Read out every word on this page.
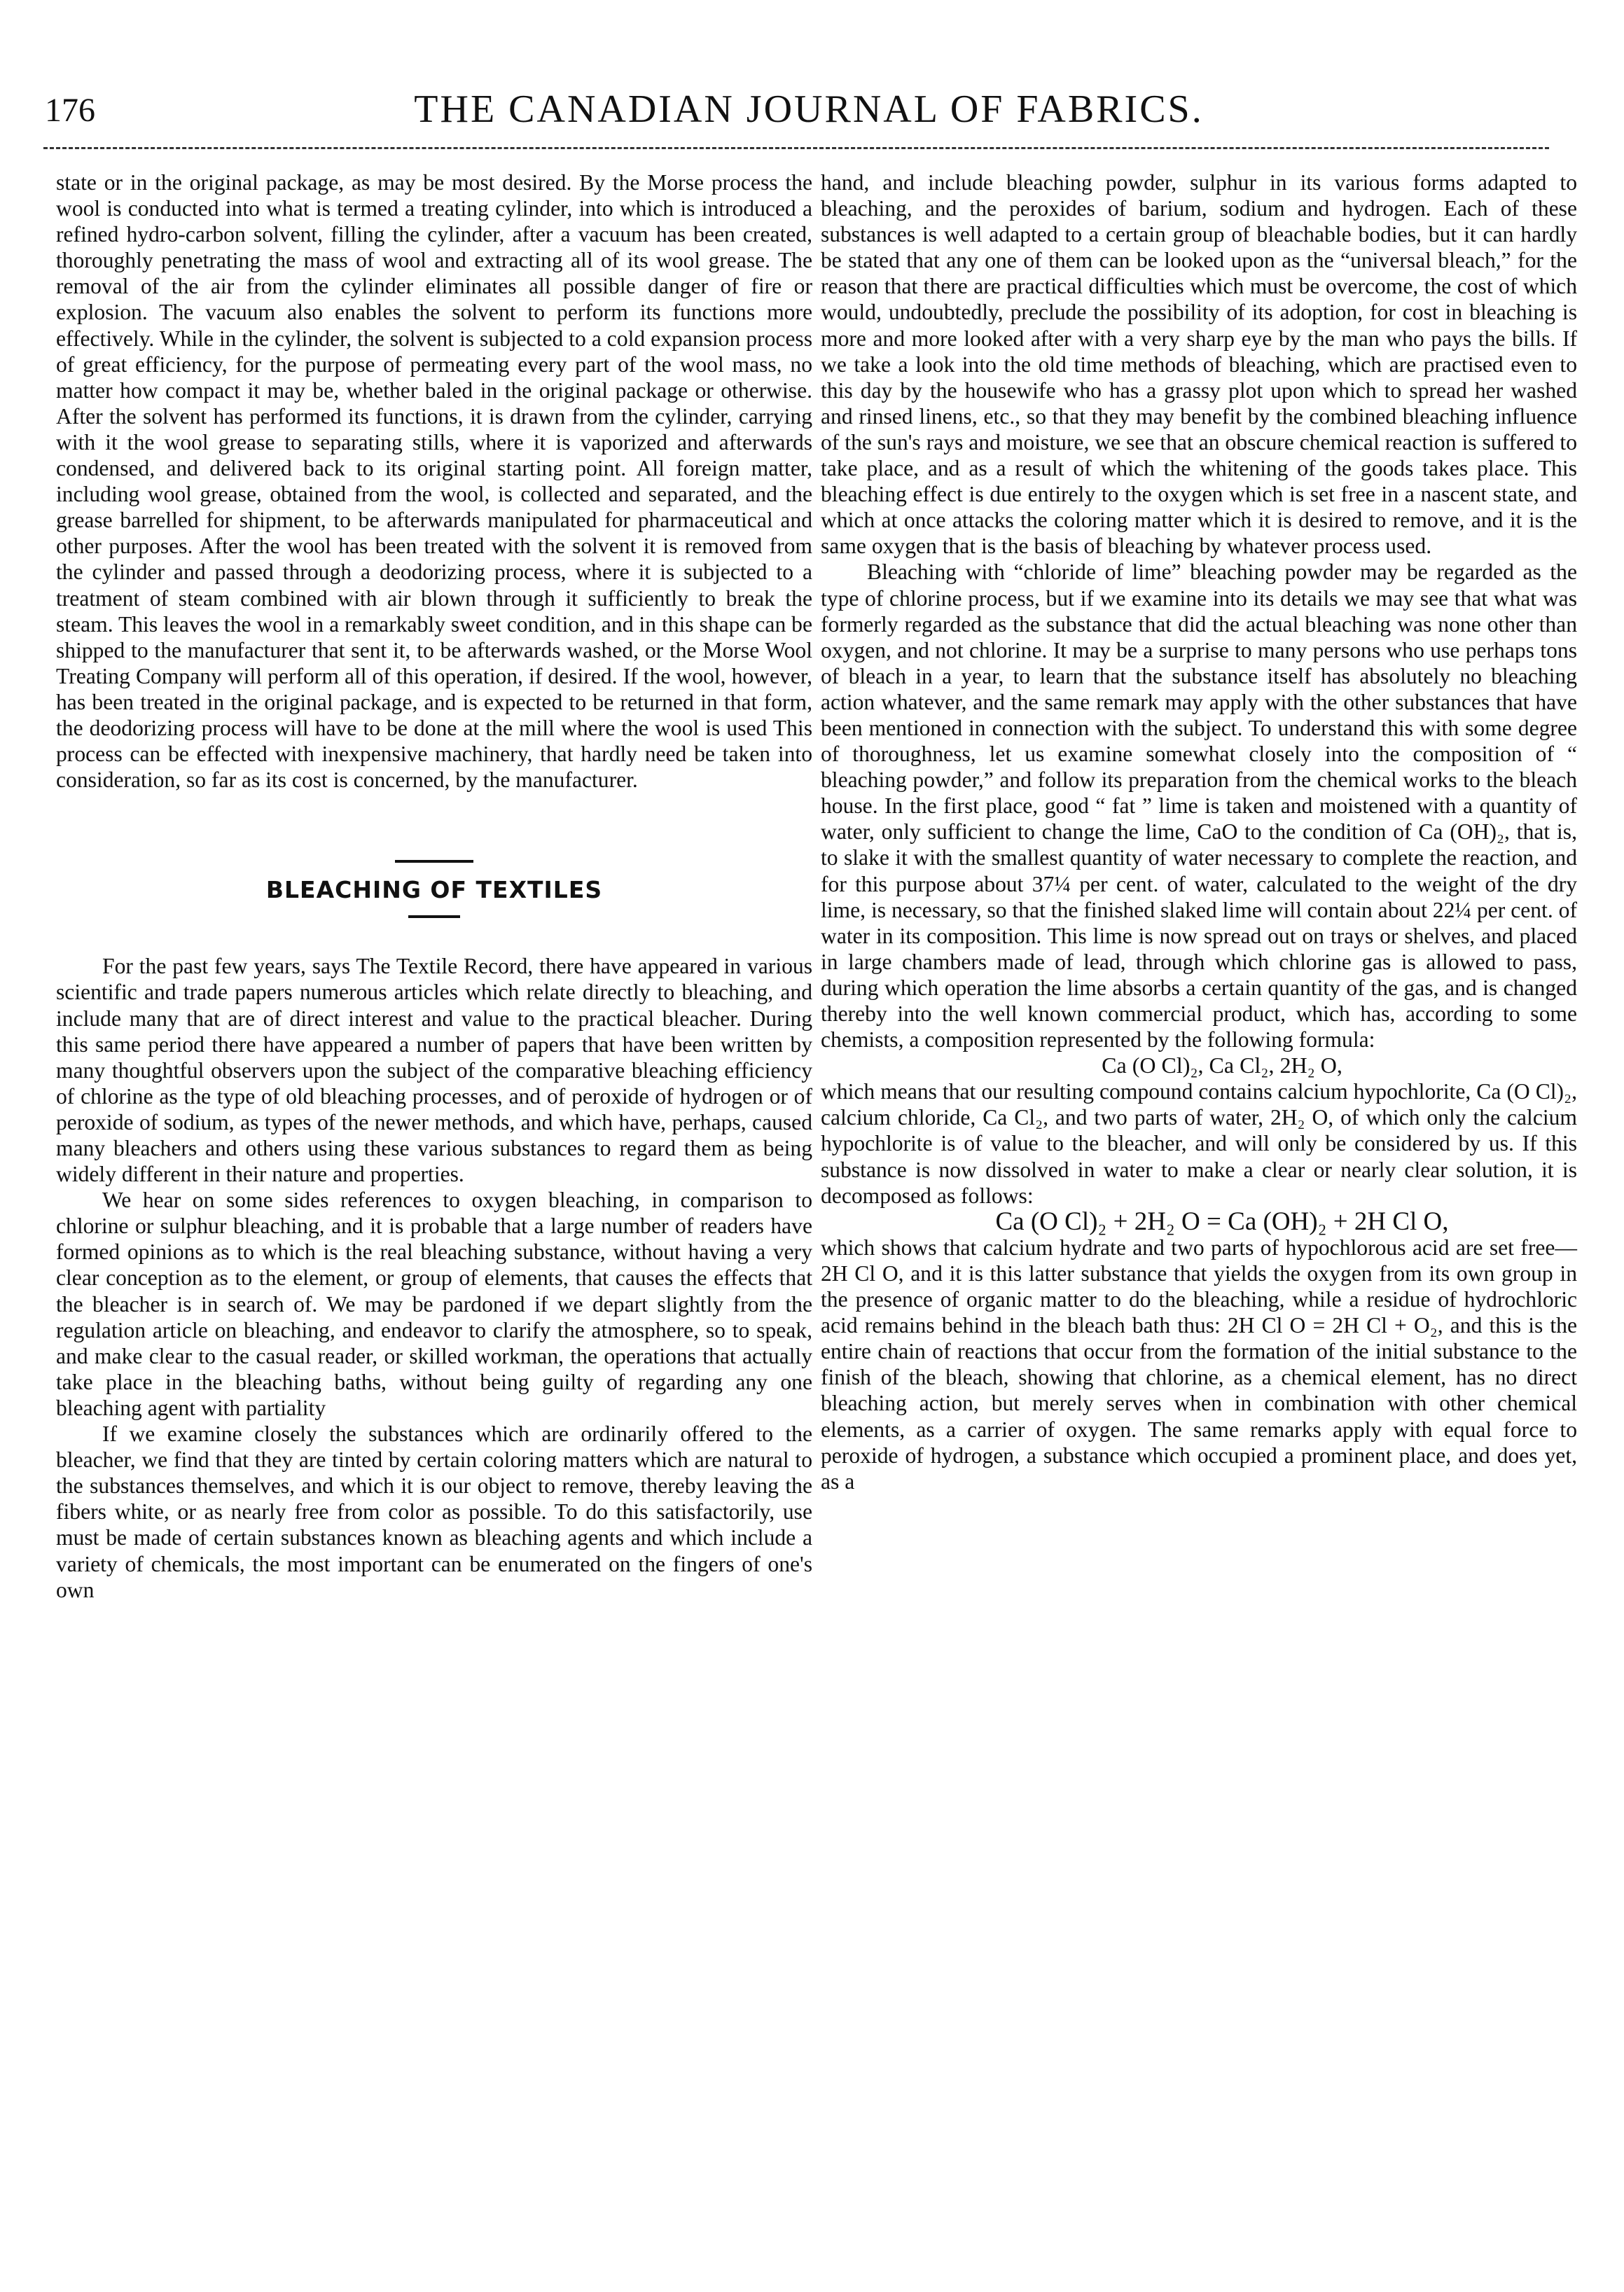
176	THE CANADIAN JOURNAL OF FABRICS.

state or in the original package, as may be most desired. By the Morse process the wool is conducted into what is termed a treating cylinder, into which is introduced a refined hydro-carbon solvent, filling the cylinder, after a vacuum has been created, thoroughly penetrating the mass of wool and extracting all of its wool grease. The removal of the air from the cylinder eliminates all possible danger of fire or explosion. The vacuum also enables the solvent to perform its functions more effectively. While in the cylinder, the solvent is subjected to a cold expansion process of great efficiency, for the purpose of permeating every part of the wool mass, no matter how compact it may be, whether baled in the original package or otherwise. After the solvent has performed its functions, it is drawn from the cylinder, carrying with it the wool grease to separating stills, where it is vaporized and afterwards condensed, and delivered back to its original starting point. All foreign matter, including wool grease, obtained from the wool, is collected and separated, and the grease barrelled for shipment, to be afterwards manipulated for pharmaceutical and other purposes. After the wool has been treated with the solvent it is removed from the cylinder and passed through a deodorizing process, where it is subjected to a treatment of steam combined with air blown through it sufficiently to break the steam. This leaves the wool in a remarkably sweet condition, and in this shape can be shipped to the manufacturer that sent it, to be afterwards washed, or the Morse Wool Treating Company will perform all of this operation, if desired. If the wool, however, has been treated in the original package, and is expected to be returned in that form, the deodorizing process will have to be done at the mill where the wool is used This process can be effected with inexpensive machinery, that hardly need be taken into consideration, so far as its cost is concerned, by the manufacturer.

BLEACHING OF TEXTILES

For the past few years, says The Textile Record, there have appeared in various scientific and trade papers numerous articles which relate directly to bleaching, and include many that are of direct interest and value to the practical bleacher. During this same period there have appeared a number of papers that have been written by many thoughtful observers upon the subject of the comparative bleaching efficiency of chlorine as the type of old bleaching processes, and of peroxide of hydrogen or of peroxide of sodium, as types of the newer methods, and which have, perhaps, caused many bleachers and others using these various substances to regard them as being widely different in their nature and properties.

We hear on some sides references to oxygen bleaching, in comparison to chlorine or sulphur bleaching, and it is probable that a large number of readers have formed opinions as to which is the real bleaching substance, without having a very clear conception as to the element, or group of elements, that causes the effects that the bleacher is in search of. We may be pardoned if we depart slightly from the regulation article on bleaching, and endeavor to clarify the atmosphere, so to speak, and make clear to the casual reader, or skilled workman, the operations that actually take place in the bleaching baths, without being guilty of regarding any one bleaching agent with partiality

If we examine closely the substances which are ordinarily offered to the bleacher, we find that they are tinted by certain coloring matters which are natural to the substances themselves, and which it is our object to remove, thereby leaving the fibers white, or as nearly free from color as possible. To do this satisfactorily, use must be made of certain substances known as bleaching agents and which include a variety of chemicals, the most important can be enumerated on the fingers of one's own

hand, and include bleaching powder, sulphur in its various forms adapted to bleaching, and the peroxides of barium, sodium and hydrogen. Each of these substances is well adapted to a certain group of bleachable bodies, but it can hardly be stated that any one of them can be looked upon as the “universal bleach,” for the reason that there are practical difficulties which must be overcome, the cost of which would, undoubtedly, preclude the possibility of its adoption, for cost in bleaching is more and more looked after with a very sharp eye by the man who pays the bills. If we take a look into the old time methods of bleaching, which are practised even to this day by the housewife who has a grassy plot upon which to spread her washed and rinsed linens, etc., so that they may benefit by the combined bleaching influence of the sun's rays and moisture, we see that an obscure chemical reaction is suffered to take place, and as a result of which the whitening of the goods takes place. This bleaching effect is due entirely to the oxygen which is set free in a nascent state, and which at once attacks the coloring matter which it is desired to remove, and it is the same oxygen that is the basis of bleaching by whatever process used.

Bleaching with “chloride of lime” bleaching powder may be regarded as the type of chlorine process, but if we examine into its details we may see that what was formerly regarded as the substance that did the actual bleaching was none other than oxygen, and not chlorine. It may be a surprise to many persons who use perhaps tons of bleach in a year, to learn that the substance itself has absolutely no bleaching action whatever, and the same remark may apply with the other substances that have been mentioned in connection with the subject. To understand this with some degree of thoroughness, let us examine somewhat closely into the composition of “ bleaching powder,” and follow its preparation from the chemical works to the bleach house. In the first place, good “ fat ” lime is taken and moistened with a quantity of water, only sufficient to change the lime, CaO to the condition of Ca (OH)₂, that is, to slake it with the smallest quantity of water necessary to complete the reaction, and for this purpose about 37¼ per cent. of water, calculated to the weight of the dry lime, is necessary, so that the finished slaked lime will contain about 22¼ per cent. of water in its composition. This lime is now spread out on trays or shelves, and placed in large chambers made of lead, through which chlorine gas is allowed to pass, during which operation the lime absorbs a certain quantity of the gas, and is changed thereby into the well known commercial product, which has, according to some chemists, a composition represented by the following formula:

Ca (O Cl)₂, Ca Cl₂, 2H₂ O,

which means that our resulting compound contains calcium hypochlorite, Ca (O Cl)₂, calcium chloride, Ca Cl₂, and two parts of water, 2H₂ O, of which only the calcium hypochlorite is of value to the bleacher, and will only be considered by us. If this substance is now dissolved in water to make a clear or nearly clear solution, it is decomposed as follows:

Ca (O Cl)₂ + 2H₂ O = Ca (OH)₂ + 2H Cl O,

which shows that calcium hydrate and two parts of hypochlorous acid are set free— 2H Cl O, and it is this latter substance that yields the oxygen from its own group in the presence of organic matter to do the bleaching, while a residue of hydrochloric acid remains behind in the bleach bath thus: 2H Cl O = 2H Cl + O₂, and this is the entire chain of reactions that occur from the formation of the initial substance to the finish of the bleach, showing that chlorine, as a chemical element, has no direct bleaching action, but merely serves when in combination with other chemical elements, as a carrier of oxygen. The same remarks apply with equal force to peroxide of hydrogen, a substance which occupied a prominent place, and does yet, as a
